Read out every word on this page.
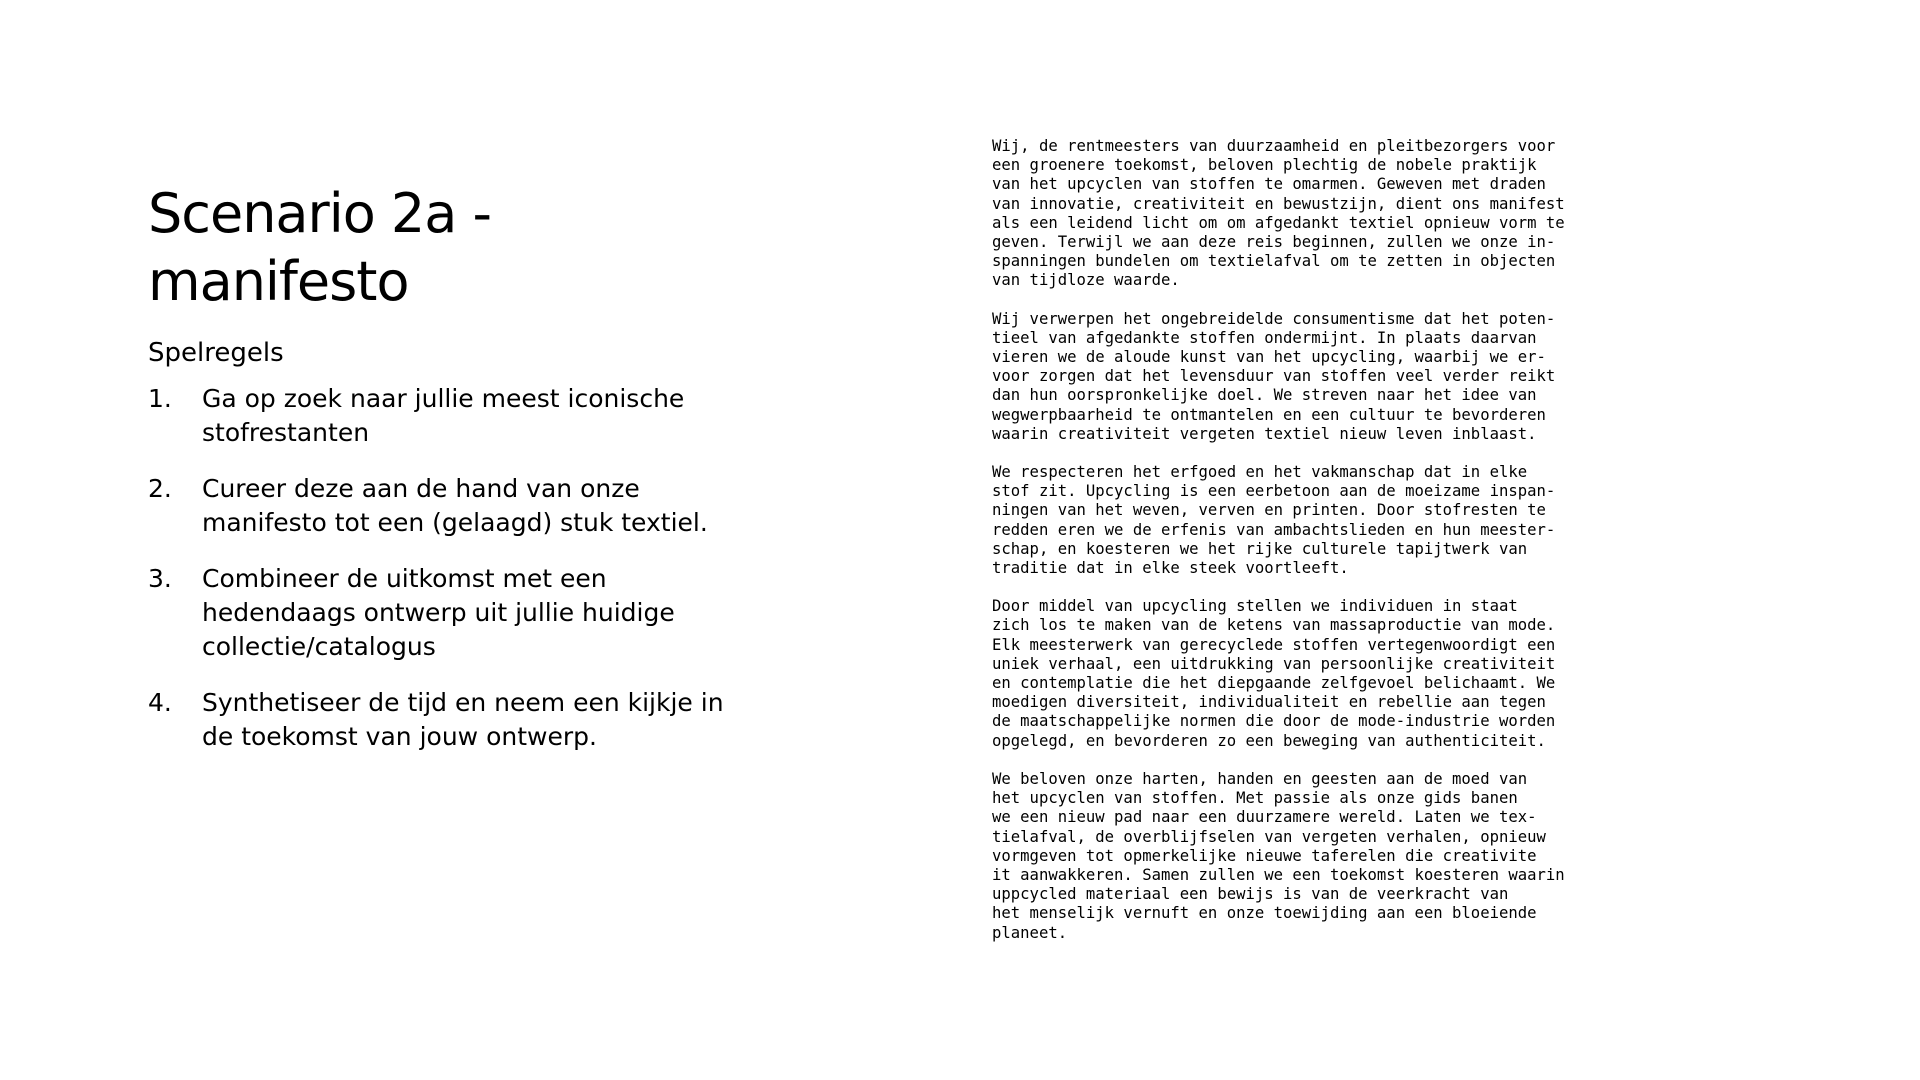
Scenario 2a -
manifesto
Spelregels
1. Ga op zoek naar jullie meest iconische stofrestanten
2. Cureer deze aan de hand van onze manifesto tot een (gelaagd) stuk textiel.
3. Combineer de uitkomst met een hedendaags ontwerp uit jullie huidige collectie/catalogus
4. Synthetiseer de tijd en neem een kijkje in de toekomst van jouw ontwerp.

Wij, de rentmeesters van duurzaamheid en pleitbezorgers voor
een groenere toekomst, beloven plechtig de nobele praktijk
van het upcyclen van stoffen te omarmen. Geweven met draden
van innovatie, creativiteit en bewustzijn, dient ons manifest
als een leidend licht om om afgedankt textiel opnieuw vorm te
geven. Terwijl we aan deze reis beginnen, zullen we onze in-
spanningen bundelen om textielafval om te zetten in objecten
van tijdloze waarde.

Wij verwerpen het ongebreidelde consumentisme dat het poten-
tieel van afgedankte stoffen ondermijnt. In plaats daarvan
vieren we de aloude kunst van het upcycling, waarbij we er-
voor zorgen dat het levensduur van stoffen veel verder reikt
dan hun oorspronkelijke doel. We streven naar het idee van
wegwerpbaarheid te ontmantelen en een cultuur te bevorderen
waarin creativiteit vergeten textiel nieuw leven inblaast.

We respecteren het erfgoed en het vakmanschap dat in elke
stof zit. Upcycling is een eerbetoon aan de moeizame inspan-
ningen van het weven, verven en printen. Door stofresten te
redden eren we de erfenis van ambachtslieden en hun meester-
schap, en koesteren we het rijke culturele tapijtwerk van
traditie dat in elke steek voortleeft.

Door middel van upcycling stellen we individuen in staat
zich los te maken van de ketens van massaproductie van mode.
Elk meesterwerk van gerecyclede stoffen vertegenwoordigt een
uniek verhaal, een uitdrukking van persoonlijke creativiteit
en contemplatie die het diepgaande zelfgevoel belichaamt. We
moedigen diversiteit, individualiteit en rebellie aan tegen
de maatschappelijke normen die door de mode-industrie worden
opgelegd, en bevorderen zo een beweging van authenticiteit.

We beloven onze harten, handen en geesten aan de moed van
het upcyclen van stoffen. Met passie als onze gids banen
we een nieuw pad naar een duurzamere wereld. Laten we tex-
tielafval, de overblijfselen van vergeten verhalen, opnieuw
vormgeven tot opmerkelijke nieuwe taferelen die creativite
it aanwakkeren. Samen zullen we een toekomst koesteren waarin
uppcycled materiaal een bewijs is van de veerkracht van
het menselijk vernuft en onze toewijding aan een bloeiende
planeet.
